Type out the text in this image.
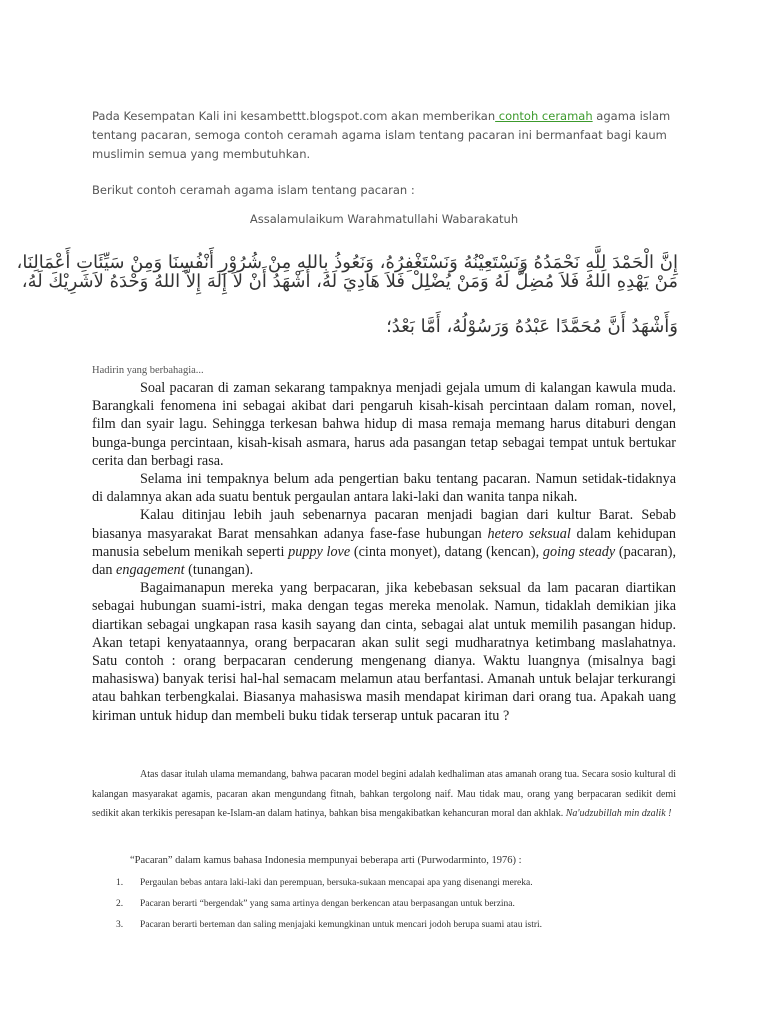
Pada Kesempatan Kali ini kesambettt.blogspot.com akan memberikan contoh ceramah agama islam tentang pacaran, semoga contoh ceramah agama islam tentang pacaran ini bermanfaat bagi kaum muslimin semua yang membutuhkan.
Berikut contoh ceramah agama islam tentang pacaran :
Assalamulaikum Warahmatullahi Wabarakatuh
إِنَّ الْحَمْدَ لِلَّهِ نَحْمَدُهُ وَنَسْتَعِيْنُهُ وَنَسْتَغْفِرُهُ، وَنَعُوذُ بِاللهِ مِنْ شُرُوْرِ أَنْفُسِنَا وَمِنْ سَيِّئَاتِ أَعْمَالِنَا،
مَنْ يَهْدِهِ اللهُ فَلاَ مُضِلَّ لَهُ وَمَنْ يُضْلِلْ فَلاَ هَادِيَ لَهُ، أَشْهَدُ أَنْ لاَ إِلَهَ إِلاَّ اللهُ وَحْدَهُ لاَشَرِيْكَ لَهُ،
وَأَشْهَدُ أَنَّ مُحَمَّدًا عَبْدُهُ وَرَسُوْلُهُ، أَمَّا بَعْدُ؛
Hadirin yang berbahagia...

Soal pacaran di zaman sekarang tampaknya menjadi gejala umum di kalangan kawula muda. Barangkali fenomena ini sebagai akibat dari pengaruh kisah-kisah percintaan dalam roman, novel, film dan syair lagu. Sehingga terkesan bahwa hidup di masa remaja memang harus ditaburi dengan bunga-bunga percintaan, kisah-kisah asmara, harus ada pasangan tetap sebagai tempat untuk bertukar cerita dan berbagi rasa.

Selama ini tempaknya belum ada pengertian baku tentang pacaran. Namun setidak-tidaknya di dalamnya akan ada suatu bentuk pergaulan antara laki-laki dan wanita tanpa nikah.

Kalau ditinjau lebih jauh sebenarnya pacaran menjadi bagian dari kultur Barat. Sebab biasanya masyarakat Barat mensahkan adanya fase-fase hubungan hetero seksual dalam kehidupan manusia sebelum menikah seperti puppy love (cinta monyet), datang (kencan), going steady (pacaran), dan engagement (tunangan).

Bagaimanapun mereka yang berpacaran, jika kebebasan seksual da lam pacaran diartikan sebagai hubungan suami-istri, maka dengan tegas mereka menolak. Namun, tidaklah demikian jika diartikan sebagai ungkapan rasa kasih sayang dan cinta, sebagai alat untuk memilih pasangan hidup. Akan tetapi kenyataannya, orang berpacaran akan sulit segi mudharatnya ketimbang maslahatnya. Satu contoh : orang berpacaran cenderung mengenang dianya. Waktu luangnya (misalnya bagi mahasiswa) banyak terisi hal-hal semacam melamun atau berfantasi. Amanah untuk belajar terkurangi atau bahkan terbengkalai. Biasanya mahasiswa masih mendapat kiriman dari orang tua. Apakah uang kiriman untuk hidup dan membeli buku tidak terserap untuk pacaran itu ?

Atas dasar itulah ulama memandang, bahwa pacaran model begini adalah kedhaliman atas amanah orang tua. Secara sosio kultural di kalangan masyarakat agamis, pacaran akan mengundang fitnah, bahkan tergolong naif. Mau tidak mau, orang yang berpacaran sedikit demi sedikit akan terkikis peresapan ke-Islam-an dalam hatinya, bahkan bisa mengakibatkan kehancuran moral dan akhlak. Na'udzubillah min dzalik !

“Pacaran” dalam kamus bahasa Indonesia mempunyai beberapa arti (Purwodarminto, 1976) :
1.	Pergaulan bebas antara laki-laki dan perempuan, bersuka-sukaan mencapai apa yang disenangi mereka.
2.	Pacaran berarti “bergendak” yang sama artinya dengan berkencan atau berpasangan untuk berzina.
3.	Pacaran berarti berteman dan saling menjajaki kemungkinan untuk mencari jodoh berupa suami atau istri.
